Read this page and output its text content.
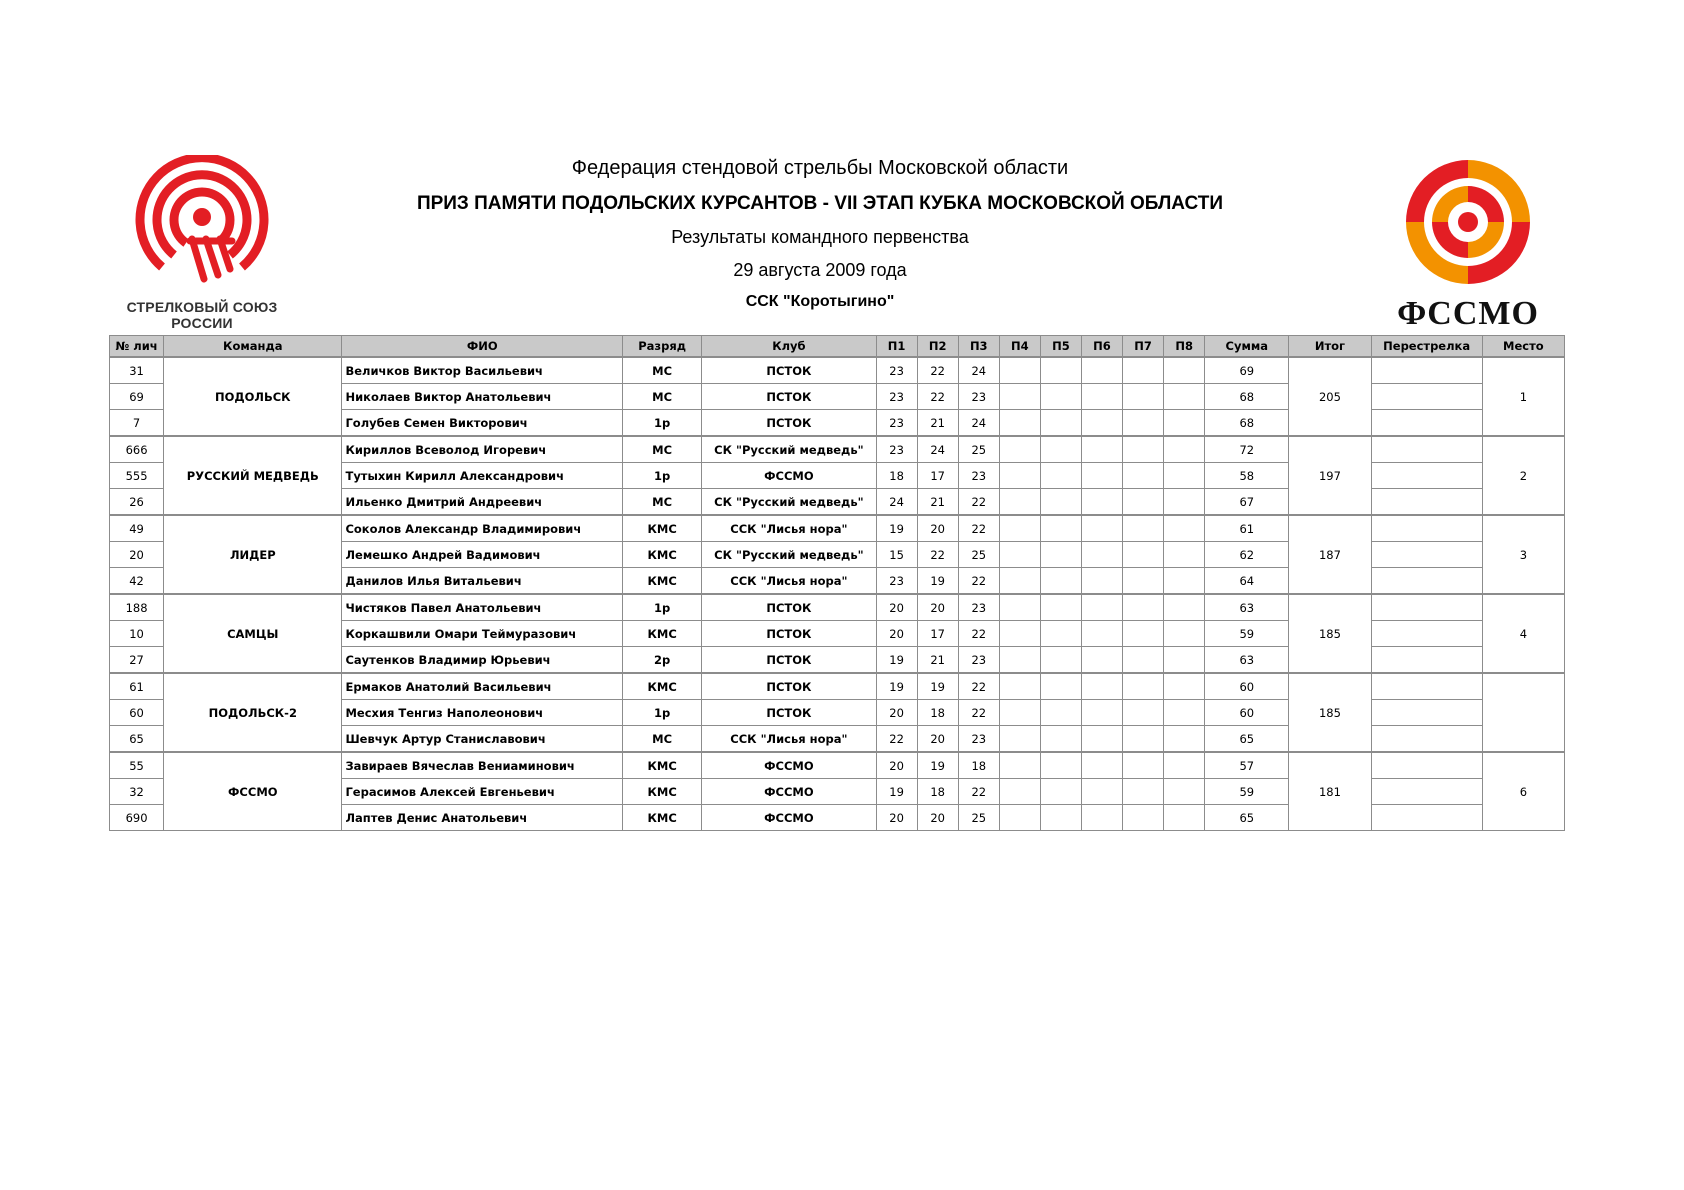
СТРЕЛКОВЫЙ СОЮЗ
РОССИИ
Федерация стендовой стрельбы Московской области
ПРИЗ ПАМЯТИ ПОДОЛЬСКИХ КУРСАНТОВ - VII ЭТАП КУБКА МОСКОВСКОЙ ОБЛАСТИ
Результаты командного первенства
29 августа 2009 года
ССК "Коротыгино"	ФССМО
№ лич	Команда	ФИО	Разряд	Клуб	П1	П2	П3	П4	П5	П6	П7	П8	Сумма	Итог	Перестрелка	Место
31	ПОДОЛЬСК	Величков Виктор Васильевич	МС	ПСТОК	23	22	24						69	205		1
69		Николаев Виктор Анатольевич	МС	ПСТОК	23	22	23						68			
7		Голубев Семен Викторович	1р	ПСТОК	23	21	24						68			
666	РУССКИЙ МЕДВЕДЬ	Кириллов Всеволод Игоревич	МС	СК "Русский медведь"	23	24	25						72	197		2
555		Тутыхин Кирилл Александрович	1р	ФССМО	18	17	23						58			
26		Ильенко Дмитрий Андреевич	МС	СК "Русский медведь"	24	21	22						67			
49	ЛИДЕР	Соколов Александр Владимирович	КМС	ССК "Лисья нора"	19	20	22						61	187		3
20		Лемешко Андрей Вадимович	КМС	СК "Русский медведь"	15	22	25						62			
42		Данилов Илья Витальевич	КМС	ССК "Лисья нора"	23	19	22						64			
188	САМЦЫ	Чистяков Павел Анатольевич	1р	ПСТОК	20	20	23						63	185		4
10		Коркашвили Омари Теймуразович	КМС	ПСТОК	20	17	22						59			
27		Саутенков Владимир Юрьевич	2р	ПСТОК	19	21	23						63			
61	ПОДОЛЬСК-2	Ермаков Анатолий Васильевич	КМС	ПСТОК	19	19	22						60	185		
60		Месхия Тенгиз Наполеонович	1р	ПСТОК	20	18	22						60			
65		Шевчук Артур Станиславович	МС	ССК "Лисья нора"	22	20	23						65			
55	ФССМО	Завираев Вячеслав Вениаминович	КМС	ФССМО	20	19	18						57	181		6
32		Герасимов Алексей Евгеньевич	КМС	ФССМО	19	18	22						59			
690		Лаптев Денис Анатольевич	КМС	ФССМО	20	20	25						65			
